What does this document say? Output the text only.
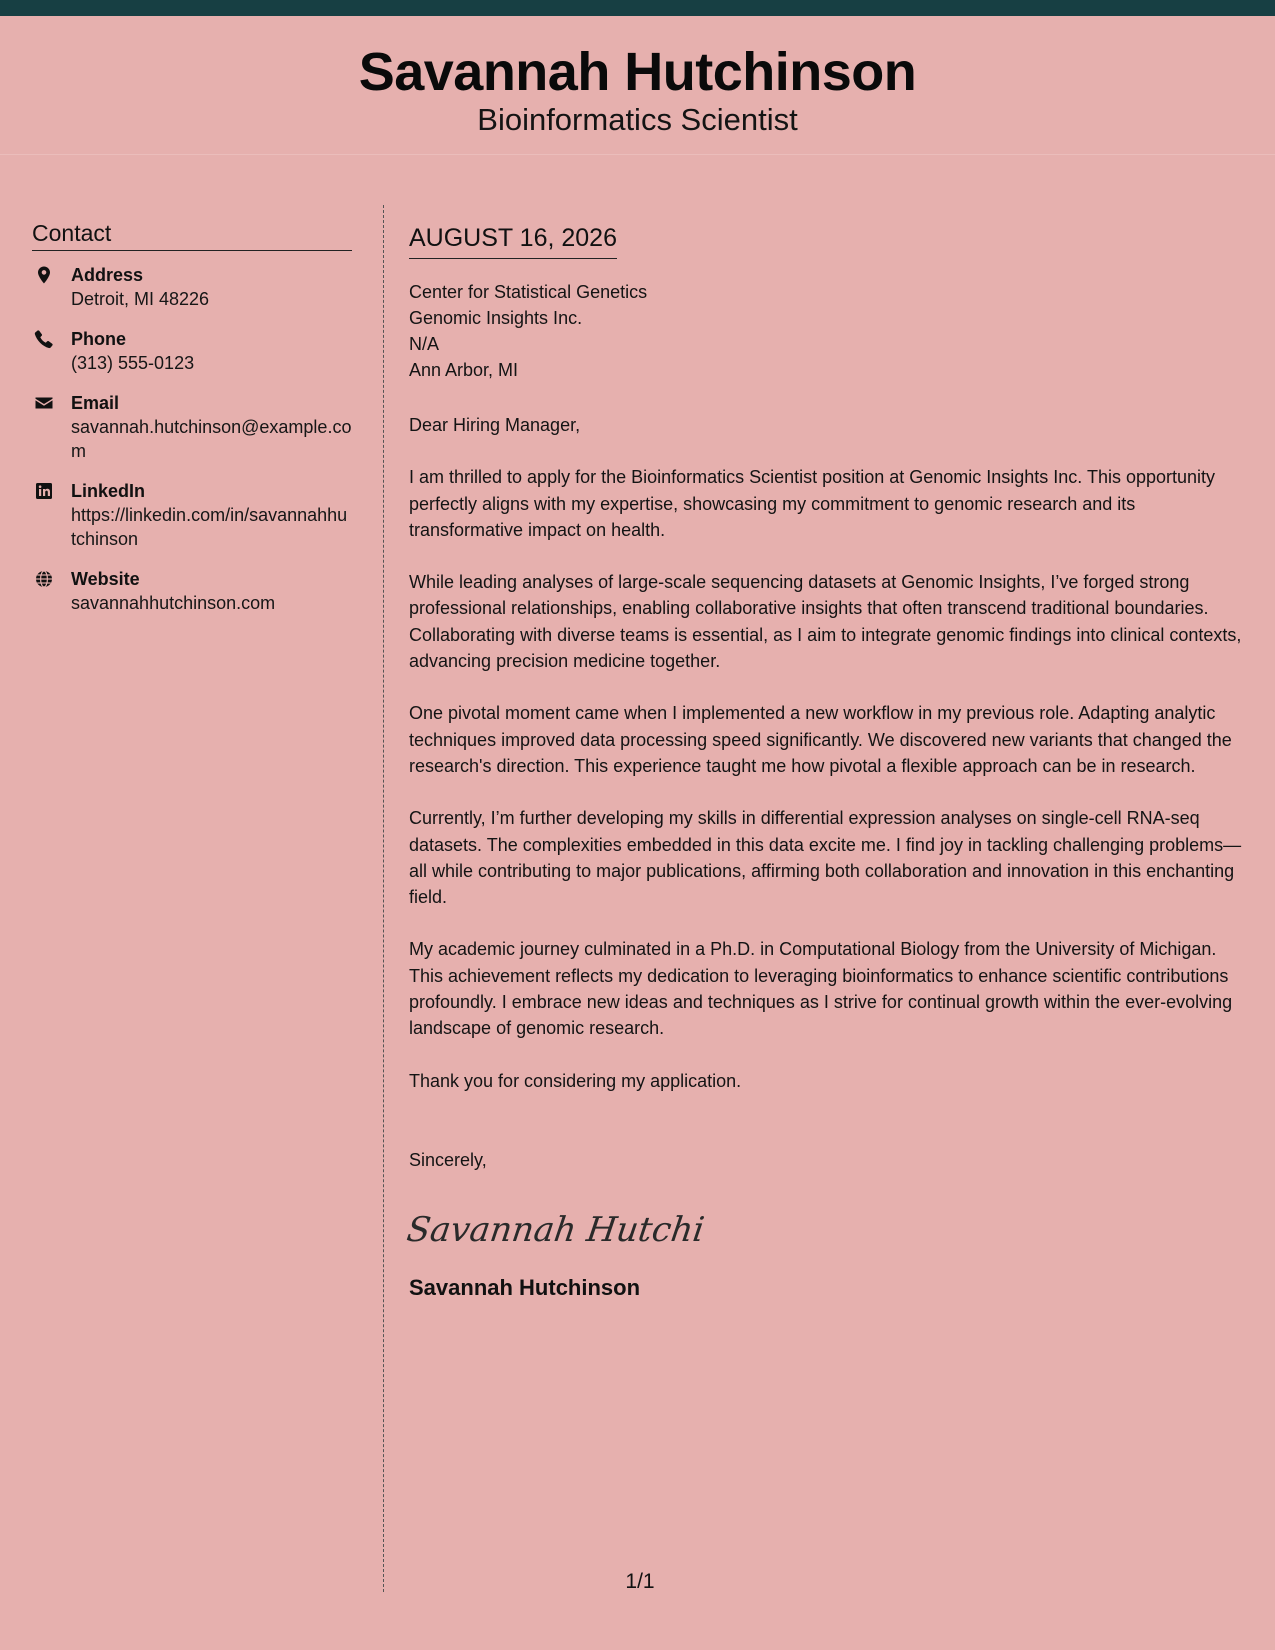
Savannah Hutchinson
Bioinformatics Scientist
Contact
Address
Detroit, MI 48226
Phone
(313) 555-0123
Email
savannah.hutchinson@example.com
LinkedIn
https://linkedin.com/in/savannahhutchinson
Website
savannahhutchinson.com
AUGUST 16, 2026
Center for Statistical Genetics
Genomic Insights Inc.
N/A
Ann Arbor, MI
Dear Hiring Manager,
I am thrilled to apply for the Bioinformatics Scientist position at Genomic Insights Inc. This opportunity perfectly aligns with my expertise, showcasing my commitment to genomic research and its transformative impact on health.
While leading analyses of large-scale sequencing datasets at Genomic Insights, I’ve forged strong professional relationships, enabling collaborative insights that often transcend traditional boundaries. Collaborating with diverse teams is essential, as I aim to integrate genomic findings into clinical contexts, advancing precision medicine together.
One pivotal moment came when I implemented a new workflow in my previous role. Adapting analytic techniques improved data processing speed significantly. We discovered new variants that changed the research's direction. This experience taught me how pivotal a flexible approach can be in research.
Currently, I’m further developing my skills in differential expression analyses on single-cell RNA-seq datasets. The complexities embedded in this data excite me. I find joy in tackling challenging problems—all while contributing to major publications, affirming both collaboration and innovation in this enchanting field.
My academic journey culminated in a Ph.D. in Computational Biology from the University of Michigan. This achievement reflects my dedication to leveraging bioinformatics to enhance scientific contributions profoundly. I embrace new ideas and techniques as I strive for continual growth within the ever-evolving landscape of genomic research.
Thank you for considering my application.
Sincerely,
Savannah Hutchi
Savannah Hutchinson
1/1
